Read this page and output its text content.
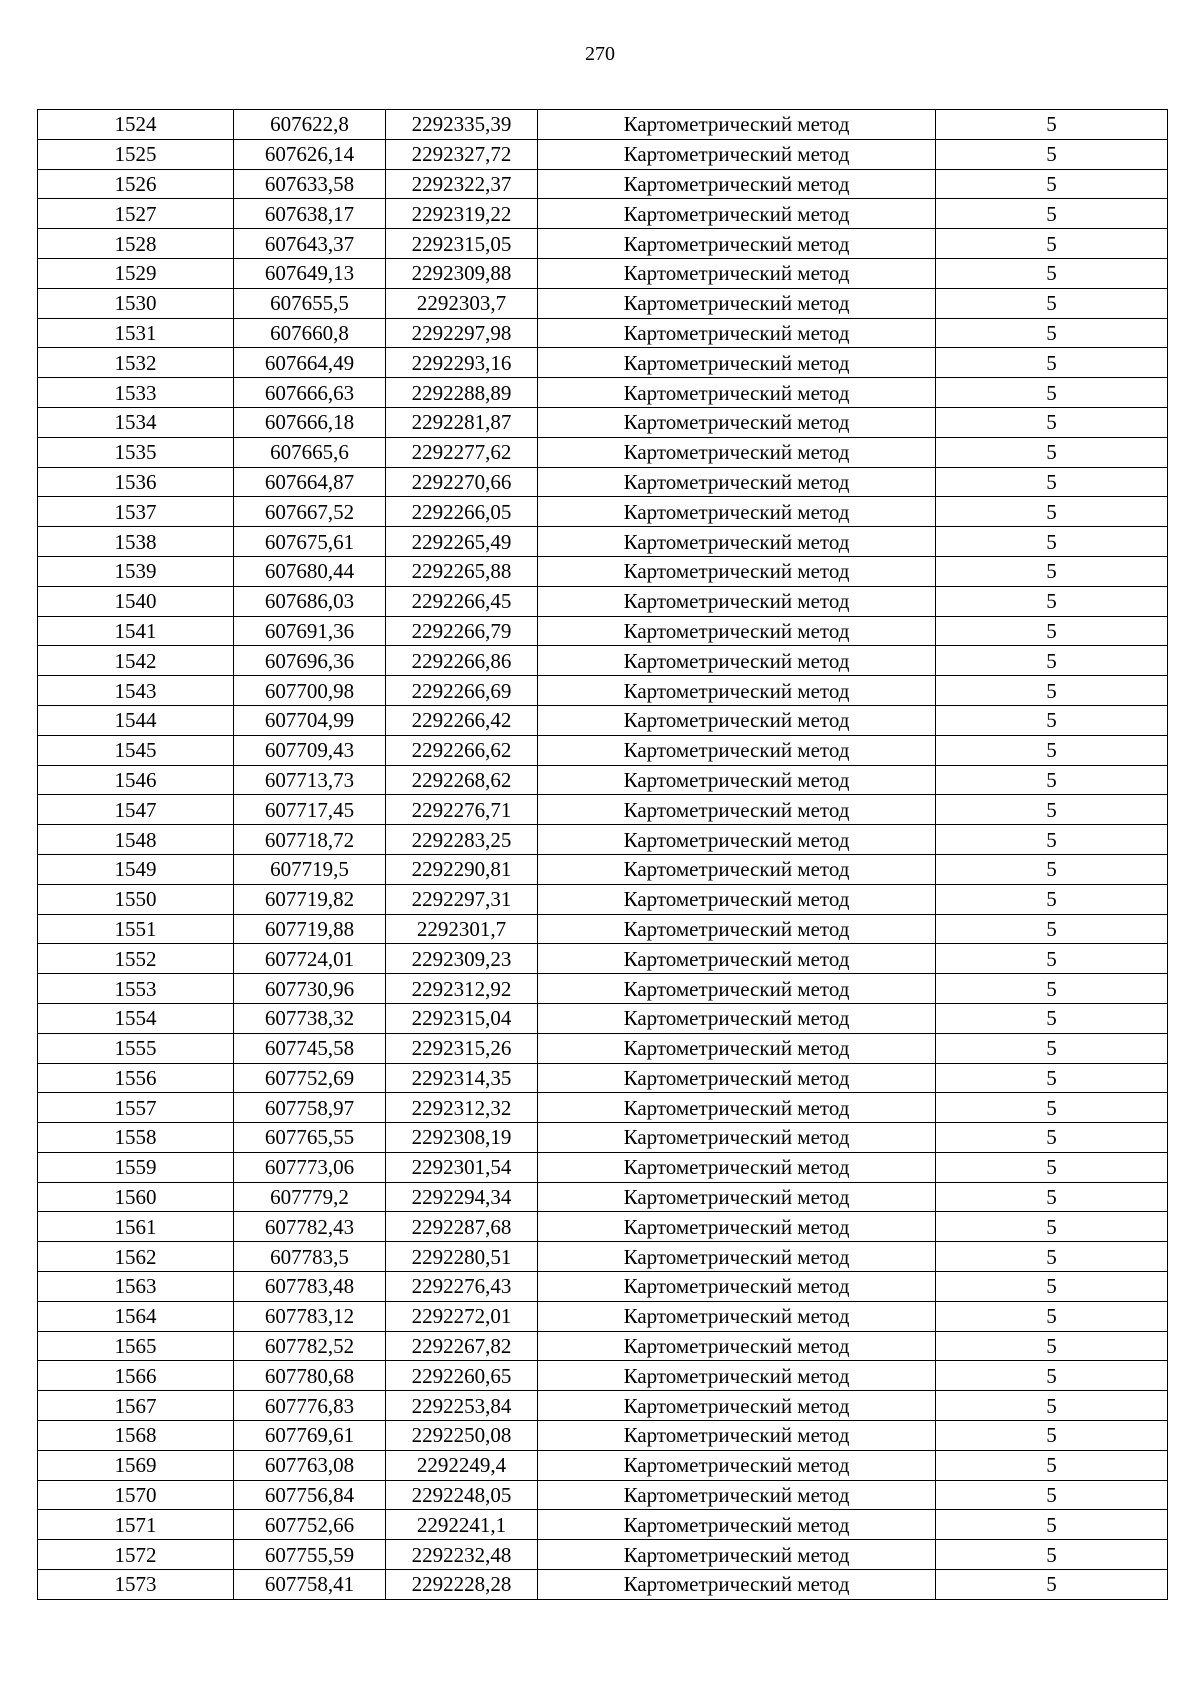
270
1524	607622,8	2292335,39	Картометрический метод	5
1525	607626,14	2292327,72	Картометрический метод	5
1526	607633,58	2292322,37	Картометрический метод	5
1527	607638,17	2292319,22	Картометрический метод	5
1528	607643,37	2292315,05	Картометрический метод	5
1529	607649,13	2292309,88	Картометрический метод	5
1530	607655,5	2292303,7	Картометрический метод	5
1531	607660,8	2292297,98	Картометрический метод	5
1532	607664,49	2292293,16	Картометрический метод	5
1533	607666,63	2292288,89	Картометрический метод	5
1534	607666,18	2292281,87	Картометрический метод	5
1535	607665,6	2292277,62	Картометрический метод	5
1536	607664,87	2292270,66	Картометрический метод	5
1537	607667,52	2292266,05	Картометрический метод	5
1538	607675,61	2292265,49	Картометрический метод	5
1539	607680,44	2292265,88	Картометрический метод	5
1540	607686,03	2292266,45	Картометрический метод	5
1541	607691,36	2292266,79	Картометрический метод	5
1542	607696,36	2292266,86	Картометрический метод	5
1543	607700,98	2292266,69	Картометрический метод	5
1544	607704,99	2292266,42	Картометрический метод	5
1545	607709,43	2292266,62	Картометрический метод	5
1546	607713,73	2292268,62	Картометрический метод	5
1547	607717,45	2292276,71	Картометрический метод	5
1548	607718,72	2292283,25	Картометрический метод	5
1549	607719,5	2292290,81	Картометрический метод	5
1550	607719,82	2292297,31	Картометрический метод	5
1551	607719,88	2292301,7	Картометрический метод	5
1552	607724,01	2292309,23	Картометрический метод	5
1553	607730,96	2292312,92	Картометрический метод	5
1554	607738,32	2292315,04	Картометрический метод	5
1555	607745,58	2292315,26	Картометрический метод	5
1556	607752,69	2292314,35	Картометрический метод	5
1557	607758,97	2292312,32	Картометрический метод	5
1558	607765,55	2292308,19	Картометрический метод	5
1559	607773,06	2292301,54	Картометрический метод	5
1560	607779,2	2292294,34	Картометрический метод	5
1561	607782,43	2292287,68	Картометрический метод	5
1562	607783,5	2292280,51	Картометрический метод	5
1563	607783,48	2292276,43	Картометрический метод	5
1564	607783,12	2292272,01	Картометрический метод	5
1565	607782,52	2292267,82	Картометрический метод	5
1566	607780,68	2292260,65	Картометрический метод	5
1567	607776,83	2292253,84	Картометрический метод	5
1568	607769,61	2292250,08	Картометрический метод	5
1569	607763,08	2292249,4	Картометрический метод	5
1570	607756,84	2292248,05	Картометрический метод	5
1571	607752,66	2292241,1	Картометрический метод	5
1572	607755,59	2292232,48	Картометрический метод	5
1573	607758,41	2292228,28	Картометрический метод	5
